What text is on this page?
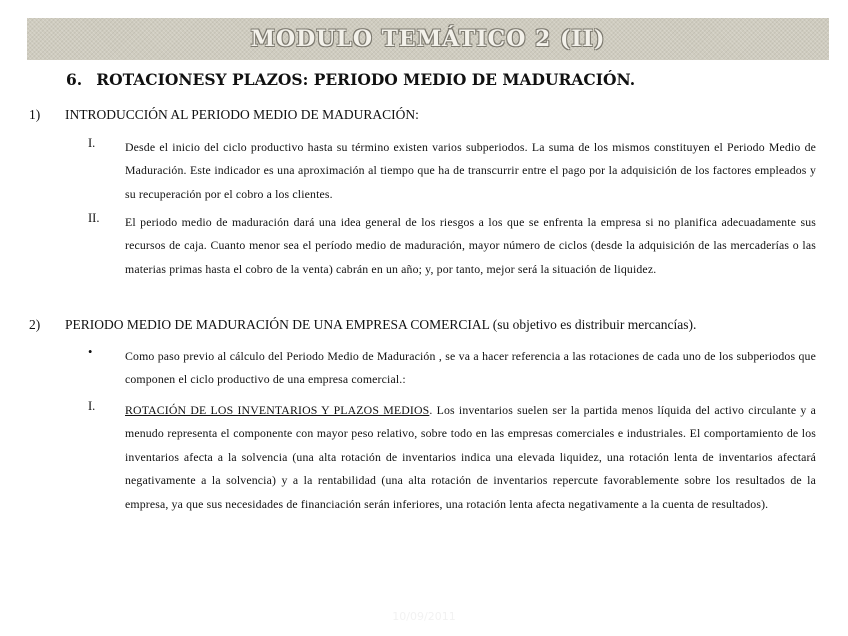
MODULO TEMÁTICO 2 (II)
6. ROTACIONESY PLAZOS: PERIODO MEDIO DE MADURACIÓN.
1) INTRODUCCIÓN AL PERIODO MEDIO DE MADURACIÓN:
I.	Desde el inicio del ciclo productivo hasta su término existen varios subperiodos. La suma de los mismos constituyen el Periodo Medio de Maduración. Este indicador es una aproximación al tiempo que ha de transcurrir entre el pago por la adquisición de los factores empleados y su recuperación por el cobro a los clientes.
II. El periodo medio de maduración dará una idea general de los riesgos a los que se enfrenta la empresa si no planifica adecuadamente sus recursos de caja. Cuanto menor sea el período medio de maduración, mayor número de ciclos (desde la adquisición de las mercaderías o las materias primas hasta el cobro de la venta) cabrán en un año; y, por tanto, mejor será la situación de liquidez.
2) PERIODO MEDIO DE MADURACIÓN DE UNA EMPRESA COMERCIAL (su objetivo es distribuir mercancías).
•	Como paso previo al cálculo del Periodo Medio de Maduración , se va a hacer referencia a las rotaciones de cada uno de los subperiodos que componen el ciclo productivo de una empresa comercial.:
I.	ROTACIÓN DE LOS INVENTARIOS Y PLAZOS MEDIOS. Los inventarios suelen ser la partida menos líquida del activo circulante y a menudo representa el componente con mayor peso relativo, sobre todo en las empresas comerciales e industriales. El comportamiento de los inventarios afecta a la solvencia (una alta rotación de inventarios indica una elevada liquidez, una rotación lenta de inventarios afectará negativamente a la solvencia) y a la rentabilidad (una alta rotación de inventarios repercute favorablemente sobre los resultados de la empresa, ya que sus necesidades de financiación serán inferiores, una rotación lenta afecta negativamente a la cuenta de resultados).
10/09/2011
